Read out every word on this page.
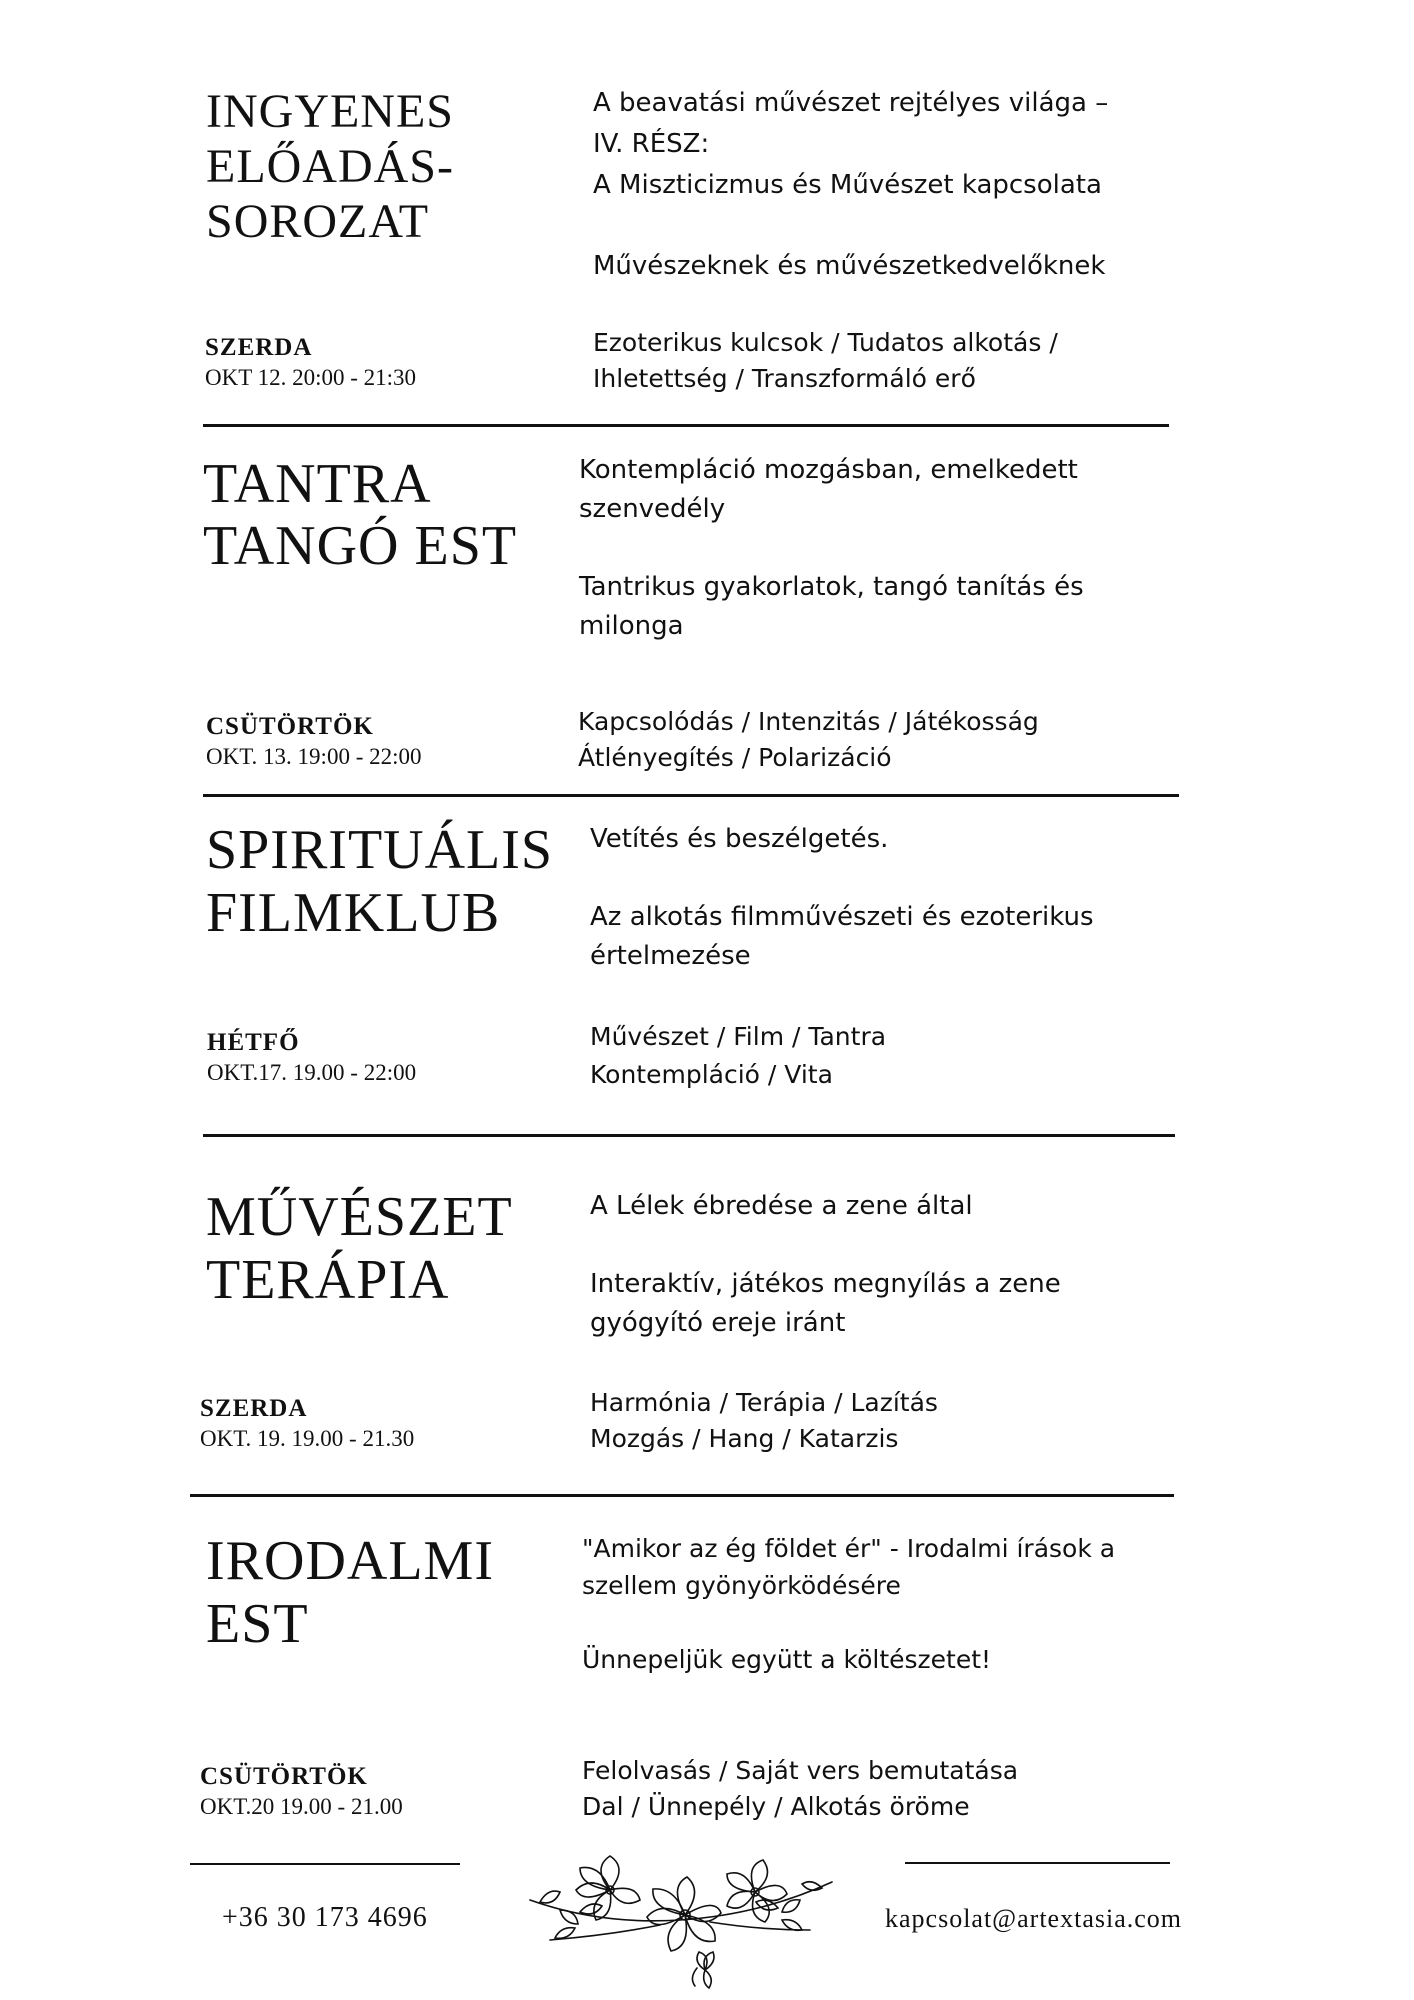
INGYENES
ELŐADÁS-
SOROZAT
A beavatási művészet rejtélyes világa –
IV. RÉSZ:
A Miszticizmus és Művészet kapcsolata
Művészeknek és művészetkedvelőknek
SZERDA
OKT 12. 20:00 - 21:30
Ezoterikus kulcsok / Tudatos alkotás /
Ihletettség / Transzformáló erő
TANTRA
TANGÓ EST
Kontempláció mozgásban, emelkedett
szenvedély
Tantrikus gyakorlatok, tangó tanítás és
milonga
CSÜTÖRTÖK
OKT. 13. 19:00 - 22:00
Kapcsolódás / Intenzitás / Játékosság
Átlényegítés / Polarizáció
SPIRITUÁLIS
FILMKLUB
Vetítés és beszélgetés.
Az alkotás filmművészeti és ezoterikus
értelmezése
HÉTFŐ
OKT.17. 19.00 - 22:00
Művészet / Film / Tantra
Kontempláció / Vita
MŰVÉSZET
TERÁPIA
A Lélek ébredése a zene által
Interaktív, játékos megnyílás a zene
gyógyító ereje iránt
SZERDA
OKT. 19. 19.00 - 21.30
Harmónia / Terápia / Lazítás
Mozgás / Hang / Katarzis
IRODALMI
EST
"Amikor az ég földet ér" - Irodalmi írások a
szellem gyönyörködésére
Ünnepeljük együtt a költészetet!
CSÜTÖRTÖK
OKT.20 19.00 - 21.00
Felolvasás / Saját vers bemutatása
Dal / Ünnepély / Alkotás öröme
+36 30 173 4696	kapcsolat@artextasia.com
